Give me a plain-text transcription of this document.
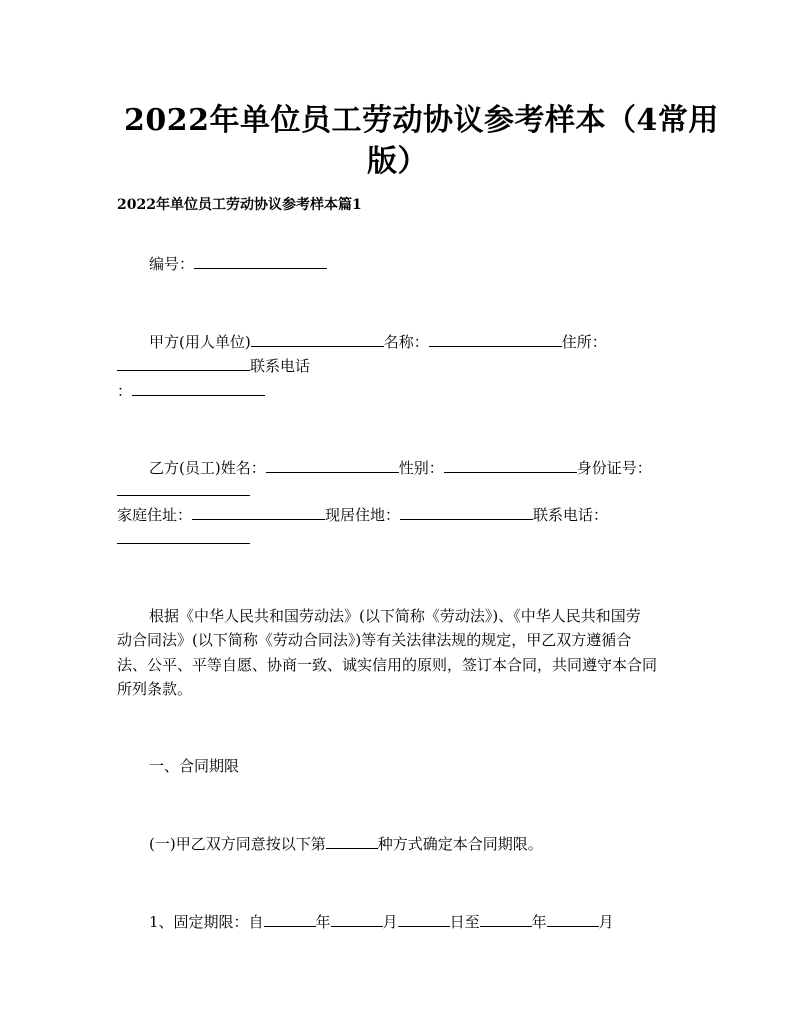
2022年单位员工劳动协议参考样本（4常用
版）
2022年单位员工劳动协议参考样本篇1
编号：
甲方(用人单位)	名称：	住所：
联系电话
：
乙方(员工)姓名：	性别：	身份证号：
家庭住址：	现居住地：	联系电话：
根据《中华人民共和国劳动法》(以下简称《劳动法》)、《中华人民共和国劳
动合同法》(以下简称《劳动合同法》)等有关法律法规的规定，甲乙双方遵循合
法、公平、平等自愿、协商一致、诚实信用的原则，签订本合同，共同遵守本合同
所列条款。
一、合同期限
(一)甲乙双方同意按以下第	种方式确定本合同期限。
1、固定期限：自	年	月	日至	年	月
